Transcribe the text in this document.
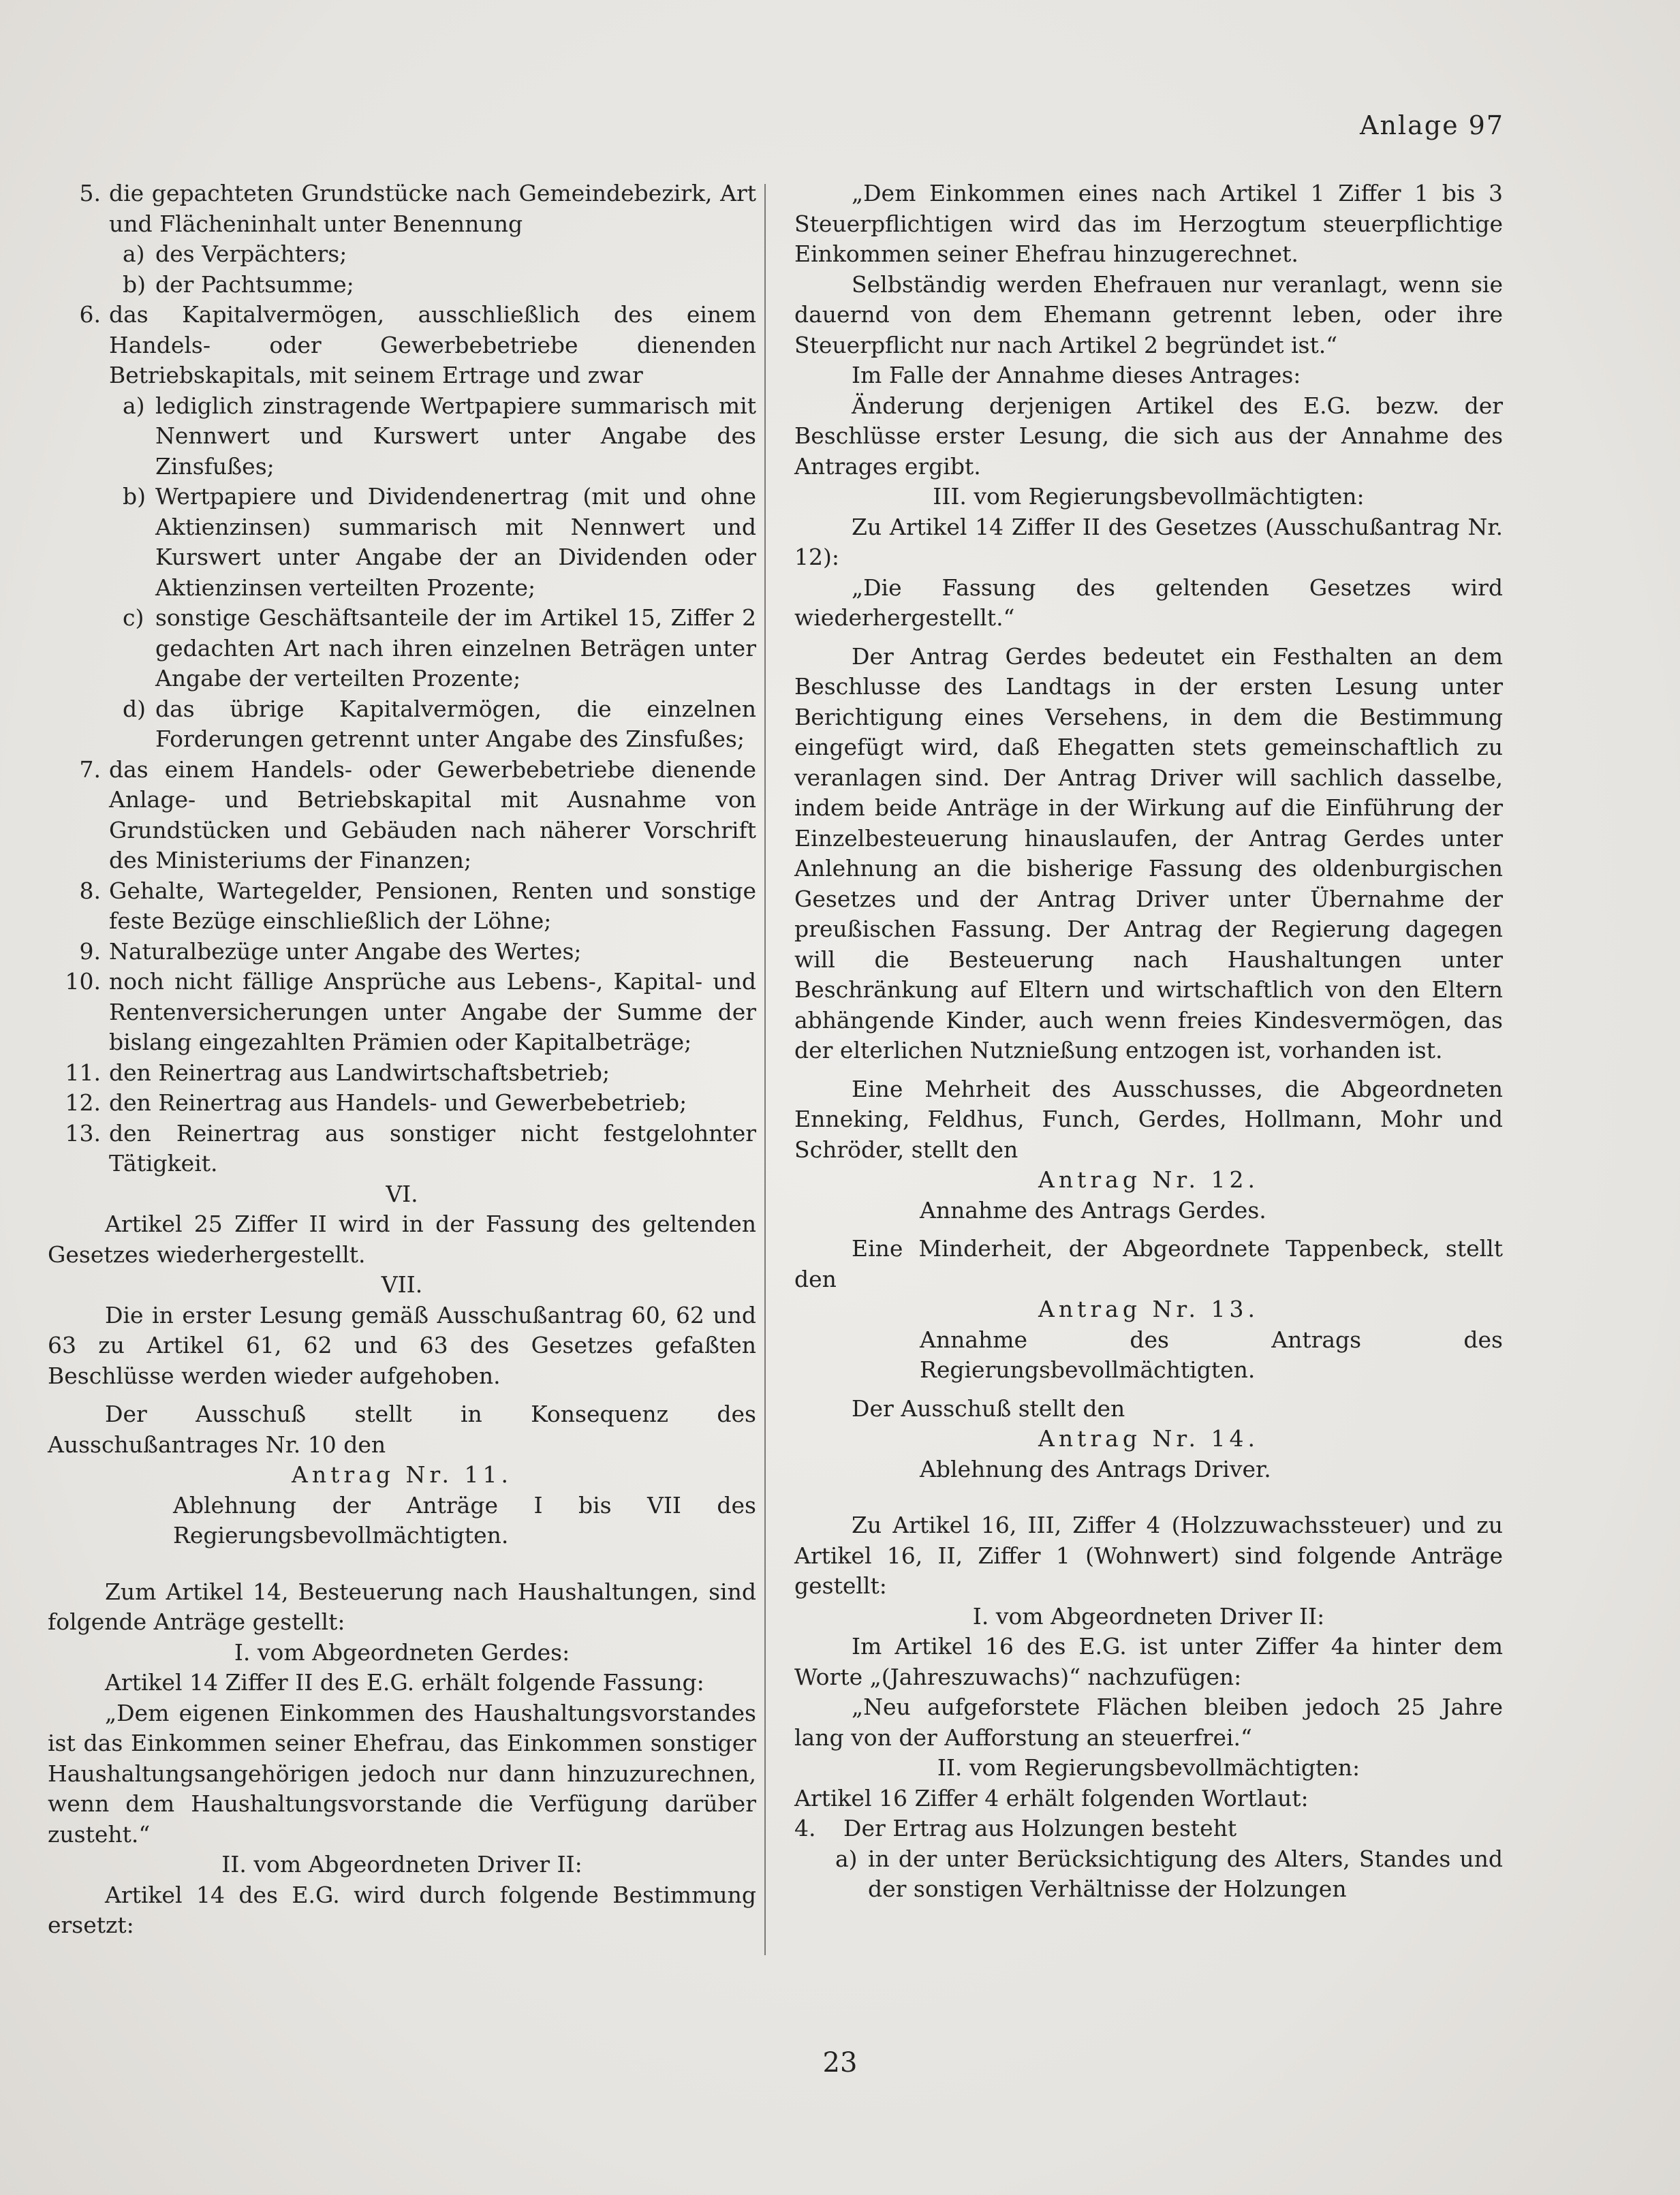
Anlage 97
5. die gepachteten Grundstücke nach Gemeindebezirk, Art und Flächeninhalt unter Benennung
a) des Verpächters;
b) der Pachtsumme;
6. das Kapitalvermögen, ausschließlich des einem Handels- oder Gewerbebetriebe dienenden Betriebskapitals, mit seinem Ertrage und zwar
a) lediglich zinstragende Wertpapiere summarisch mit Nennwert und Kurswert unter Angabe des Zinsfußes;
b) Wertpapiere und Dividendenertrag (mit und ohne Aktienzinsen) summarisch mit Nennwert und Kurswert unter Angabe der an Dividenden oder Aktienzinsen verteilten Prozente;
c) sonstige Geschäftsanteile der im Artikel 15, Ziffer 2 gedachten Art nach ihren einzelnen Beträgen unter Angabe der verteilten Prozente;
d) das übrige Kapitalvermögen, die einzelnen Forderungen getrennt unter Angabe des Zinsfußes;
7. das einem Handels- oder Gewerbebetriebe dienende Anlage- und Betriebskapital mit Ausnahme von Grundstücken und Gebäuden nach näherer Vorschrift des Ministeriums der Finanzen;
8. Gehalte, Wartegelder, Pensionen, Renten und sonstige feste Bezüge einschließlich der Löhne;
9. Naturalbezüge unter Angabe des Wertes;
10. noch nicht fällige Ansprüche aus Lebens-, Kapital- und Rentenversicherungen unter Angabe der Summe der bislang eingezahlten Prämien oder Kapitalbeträge;
11. den Reinertrag aus Landwirtschaftsbetrieb;
12. den Reinertrag aus Handels- und Gewerbebetrieb;
13. den Reinertrag aus sonstiger nicht festgelohnter Tätigkeit.

VI.

Artikel 25 Ziffer II wird in der Fassung des geltenden Gesetzes wiederhergestellt.

VII.

Die in erster Lesung gemäß Ausschußantrag 60, 62 und 63 zu Artikel 61, 62 und 63 des Gesetzes gefaßten Beschlüsse werden wieder aufgehoben.

Der Ausschuß stellt in Konsequenz des Ausschußantrages Nr. 10 den

Antrag Nr. 11.

Ablehnung der Anträge I bis VII des Regierungsbevollmächtigten.

Zum Artikel 14, Besteuerung nach Haushaltungen, sind folgende Anträge gestellt:

I. vom Abgeordneten Gerdes:

Artikel 14 Ziffer II des E.G. erhält folgende Fassung:

„Dem eigenen Einkommen des Haushaltungsvorstandes ist das Einkommen seiner Ehefrau, das Einkommen sonstiger Haushaltungsangehörigen jedoch nur dann hinzuzurechnen, wenn dem Haushaltungsvorstande die Verfügung darüber zusteht.“

II. vom Abgeordneten Driver II:

Artikel 14 des E.G. wird durch folgende Bestimmung ersetzt:

„Dem Einkommen eines nach Artikel 1 Ziffer 1 bis 3 Steuerpflichtigen wird das im Herzogtum steuerpflichtige Einkommen seiner Ehefrau hinzugerechnet.

Selbständig werden Ehefrauen nur veranlagt, wenn sie dauernd von dem Ehemann getrennt leben, oder ihre Steuerpflicht nur nach Artikel 2 begründet ist.“

Im Falle der Annahme dieses Antrages:

Änderung derjenigen Artikel des E.G. bezw. der Beschlüsse erster Lesung, die sich aus der Annahme des Antrages ergibt.

III. vom Regierungsbevollmächtigten:

Zu Artikel 14 Ziffer II des Gesetzes (Ausschußantrag Nr. 12):

„Die Fassung des geltenden Gesetzes wird wiederhergestellt.“

Der Antrag Gerdes bedeutet ein Festhalten an dem Beschlusse des Landtags in der ersten Lesung unter Berichtigung eines Versehens, in dem die Bestimmung eingefügt wird, daß Ehegatten stets gemeinschaftlich zu veranlagen sind. Der Antrag Driver will sachlich dasselbe, indem beide Anträge in der Wirkung auf die Einführung der Einzelbesteuerung hinauslaufen, der Antrag Gerdes unter Anlehnung an die bisherige Fassung des oldenburgischen Gesetzes und der Antrag Driver unter Übernahme der preußischen Fassung. Der Antrag der Regierung dagegen will die Besteuerung nach Haushaltungen unter Beschränkung auf Eltern und wirtschaftlich von den Eltern abhängende Kinder, auch wenn freies Kindesvermögen, das der elterlichen Nutznießung entzogen ist, vorhanden ist.

Eine Mehrheit des Ausschusses, die Abgeordneten Enneking, Feldhus, Funch, Gerdes, Hollmann, Mohr und Schröder, stellt den

Antrag Nr. 12.

Annahme des Antrags Gerdes.

Eine Minderheit, der Abgeordnete Tappenbeck, stellt den

Antrag Nr. 13.

Annahme des Antrags des Regierungsbevollmächtigten.

Der Ausschuß stellt den

Antrag Nr. 14.

Ablehnung des Antrags Driver.

Zu Artikel 16, III, Ziffer 4 (Holzzuwachssteuer) und zu Artikel 16, II, Ziffer 1 (Wohnwert) sind folgende Anträge gestellt:

I. vom Abgeordneten Driver II:

Im Artikel 16 des E.G. ist unter Ziffer 4a hinter dem Worte „(Jahreszuwachs)“ nachzufügen:

„Neu aufgeforstete Flächen bleiben jedoch 25 Jahre lang von der Aufforstung an steuerfrei.“

II. vom Regierungsbevollmächtigten:

Artikel 16 Ziffer 4 erhält folgenden Wortlaut:

4.	Der Ertrag aus Holzungen besteht
a) in der unter Berücksichtigung des Alters, Standes und der sonstigen Verhältnisse der Holzungen
23
